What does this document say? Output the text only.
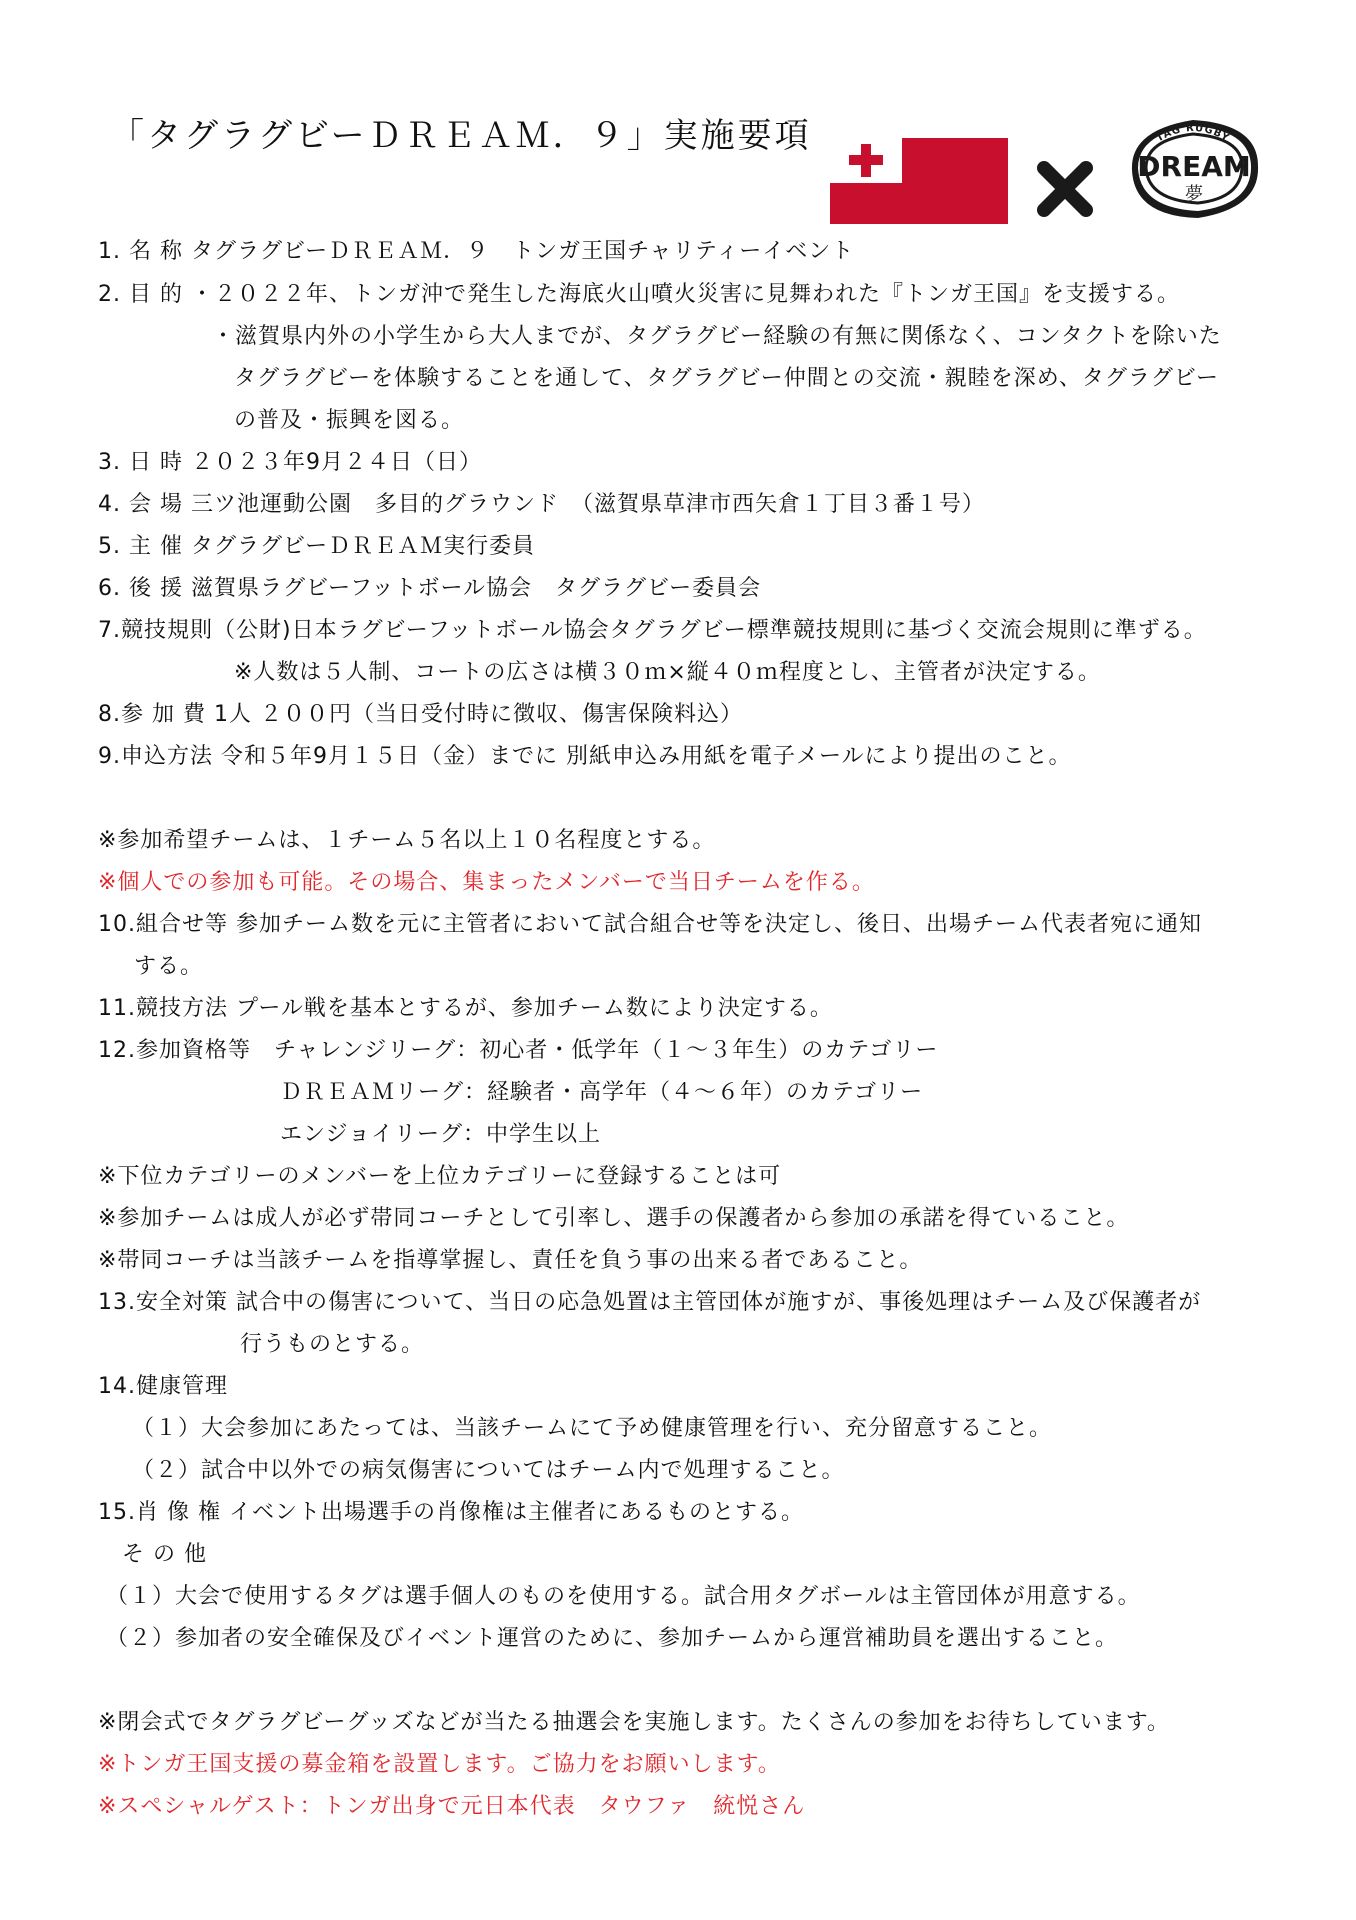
「タグラグビーＤＲＥＡＭ．９」実施要項	TAG RUGBY
DREAM
夢
1. 名 称 タグラグビーＤＲＥＡＭ．９　トンガ王国チャリティーイベント
2. 目 的 ・２０２２年、トンガ沖で発生した海底火山噴火災害に見舞われた『トンガ王国』を支援する。
・滋賀県内外の小学生から大人までが、タグラグビー経験の有無に関係なく、コンタクトを除いた
タグラグビーを体験することを通して、タグラグビー仲間との交流・親睦を深め、タグラグビー
の普及・振興を図る。
3. 日 時 ２０２３年9月２４日（日）
4. 会 場 三ツ池運動公園　多目的グラウンド　（滋賀県草津市西矢倉１丁目３番１号）
5. 主 催 タグラグビーＤＲＥＡＭ実行委員
6. 後 援 滋賀県ラグビーフットボール協会　タグラグビー委員会
7.競技規則（公財)日本ラグビーフットボール協会タグラグビー標準競技規則に基づく交流会規則に準ずる。
※人数は５人制、コートの広さは横３０ｍ×縦４０ｍ程度とし、主管者が決定する。
8.参 加 費 1人 ２００円（当日受付時に徴収、傷害保険料込）
9.申込方法 令和５年9月１５日（金）までに 別紙申込み用紙を電子メールにより提出のこと。
※参加希望チームは、１チーム５名以上１０名程度とする。
※個人での参加も可能。その場合、集まったメンバーで当日チームを作る。
10.組合せ等 参加チーム数を元に主管者において試合組合せ等を決定し、後日、出場チーム代表者宛に通知
する。
11.競技方法 プール戦を基本とするが、参加チーム数により決定する。
12.参加資格等　チャレンジリーグ：初心者・低学年（１～３年生）のカテゴリー
ＤＲＥＡＭリーグ：経験者・高学年（４～６年）のカテゴリー
エンジョイリーグ：中学生以上
※下位カテゴリーのメンバーを上位カテゴリーに登録することは可
※参加チームは成人が必ず帯同コーチとして引率し、選手の保護者から参加の承諾を得ていること。
※帯同コーチは当該チームを指導掌握し、責任を負う事の出来る者であること。
13.安全対策 試合中の傷害について、当日の応急処置は主管団体が施すが、事後処理はチーム及び保護者が
行うものとする。
14.健康管理
（１）大会参加にあたっては、当該チームにて予め健康管理を行い、充分留意すること。
（２）試合中以外での病気傷害についてはチーム内で処理すること。
15.肖 像 権 イベント出場選手の肖像権は主催者にあるものとする。
そ の 他
（１）大会で使用するタグは選手個人のものを使用する。試合用タグボールは主管団体が用意する。
（２）参加者の安全確保及びイベント運営のために、参加チームから運営補助員を選出すること。
※閉会式でタグラグビーグッズなどが当たる抽選会を実施します。たくさんの参加をお待ちしています。
※トンガ王国支援の募金箱を設置します。ご協力をお願いします。
※スペシャルゲスト：トンガ出身で元日本代表　タウファ　統悦さん
